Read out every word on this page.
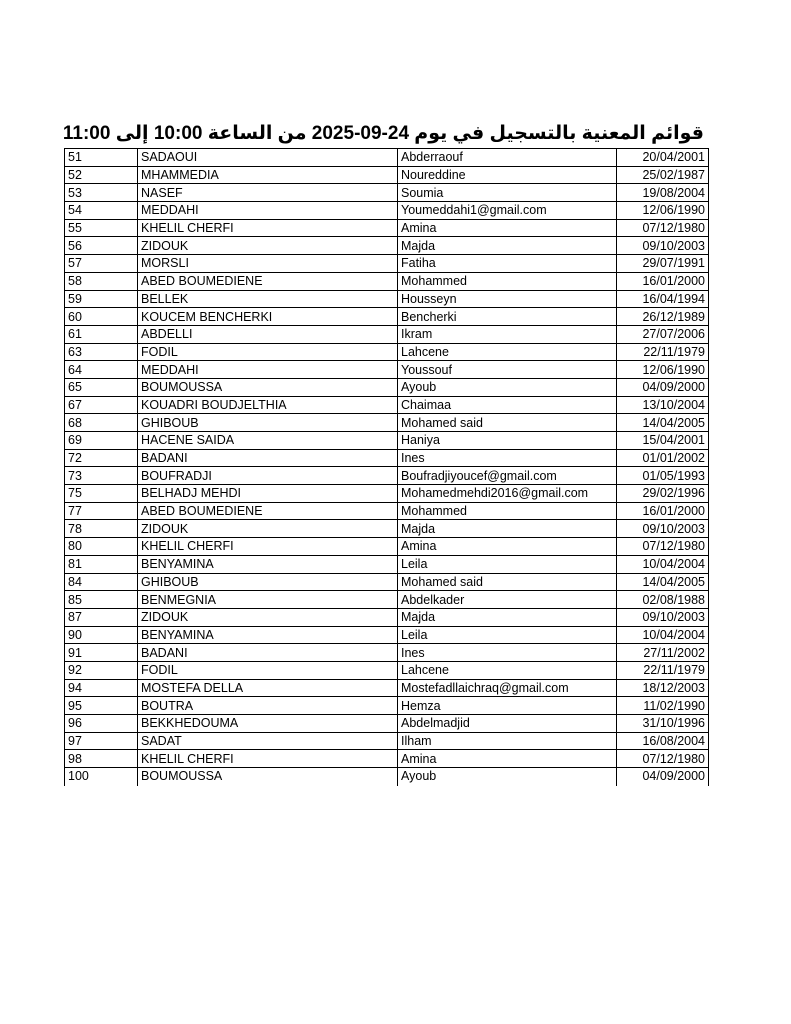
قوائم المعنية بالتسجيل في يوم 24-09-2025 من الساعة 10:00 إلى 11:00
51	SADAOUI	Abderraouf	20/04/2001
52	MHAMMEDIA	Noureddine	25/02/1987
53	NASEF	Soumia	19/08/2004
54	MEDDAHI	Youmeddahi1@gmail.com	12/06/1990
55	KHELIL CHERFI	Amina	07/12/1980
56	ZIDOUK	Majda	09/10/2003
57	MORSLI	Fatiha	29/07/1991
58	ABED BOUMEDIENE	Mohammed	16/01/2000
59	BELLEK	Housseyn	16/04/1994
60	KOUCEM BENCHERKI	Bencherki	26/12/1989
61	ABDELLI	Ikram	27/07/2006
63	FODIL	Lahcene	22/11/1979
64	MEDDAHI	Youssouf	12/06/1990
65	BOUMOUSSA	Ayoub	04/09/2000
67	KOUADRI BOUDJELTHIA	Chaimaa	13/10/2004
68	GHIBOUB	Mohamed said	14/04/2005
69	HACENE SAIDA	Haniya	15/04/2001
72	BADANI	Ines	01/01/2002
73	BOUFRADJI	Boufradjiyoucef@gmail.com	01/05/1993
75	BELHADJ MEHDI	Mohamedmehdi2016@gmail.com	29/02/1996
77	ABED BOUMEDIENE	Mohammed	16/01/2000
78	ZIDOUK	Majda	09/10/2003
80	KHELIL CHERFI	Amina	07/12/1980
81	BENYAMINA	Leila	10/04/2004
84	GHIBOUB	Mohamed said	14/04/2005
85	BENMEGNIA	Abdelkader	02/08/1988
87	ZIDOUK	Majda	09/10/2003
90	BENYAMINA	Leila	10/04/2004
91	BADANI	Ines	27/11/2002
92	FODIL	Lahcene	22/11/1979
94	MOSTEFA DELLA	Mostefadllaichraq@gmail.com	18/12/2003
95	BOUTRA	Hemza	11/02/1990
96	BEKKHEDOUMA	Abdelmadjid	31/10/1996
97	SADAT	Ilham	16/08/2004
98	KHELIL CHERFI	Amina	07/12/1980
100	BOUMOUSSA	Ayoub	04/09/2000
